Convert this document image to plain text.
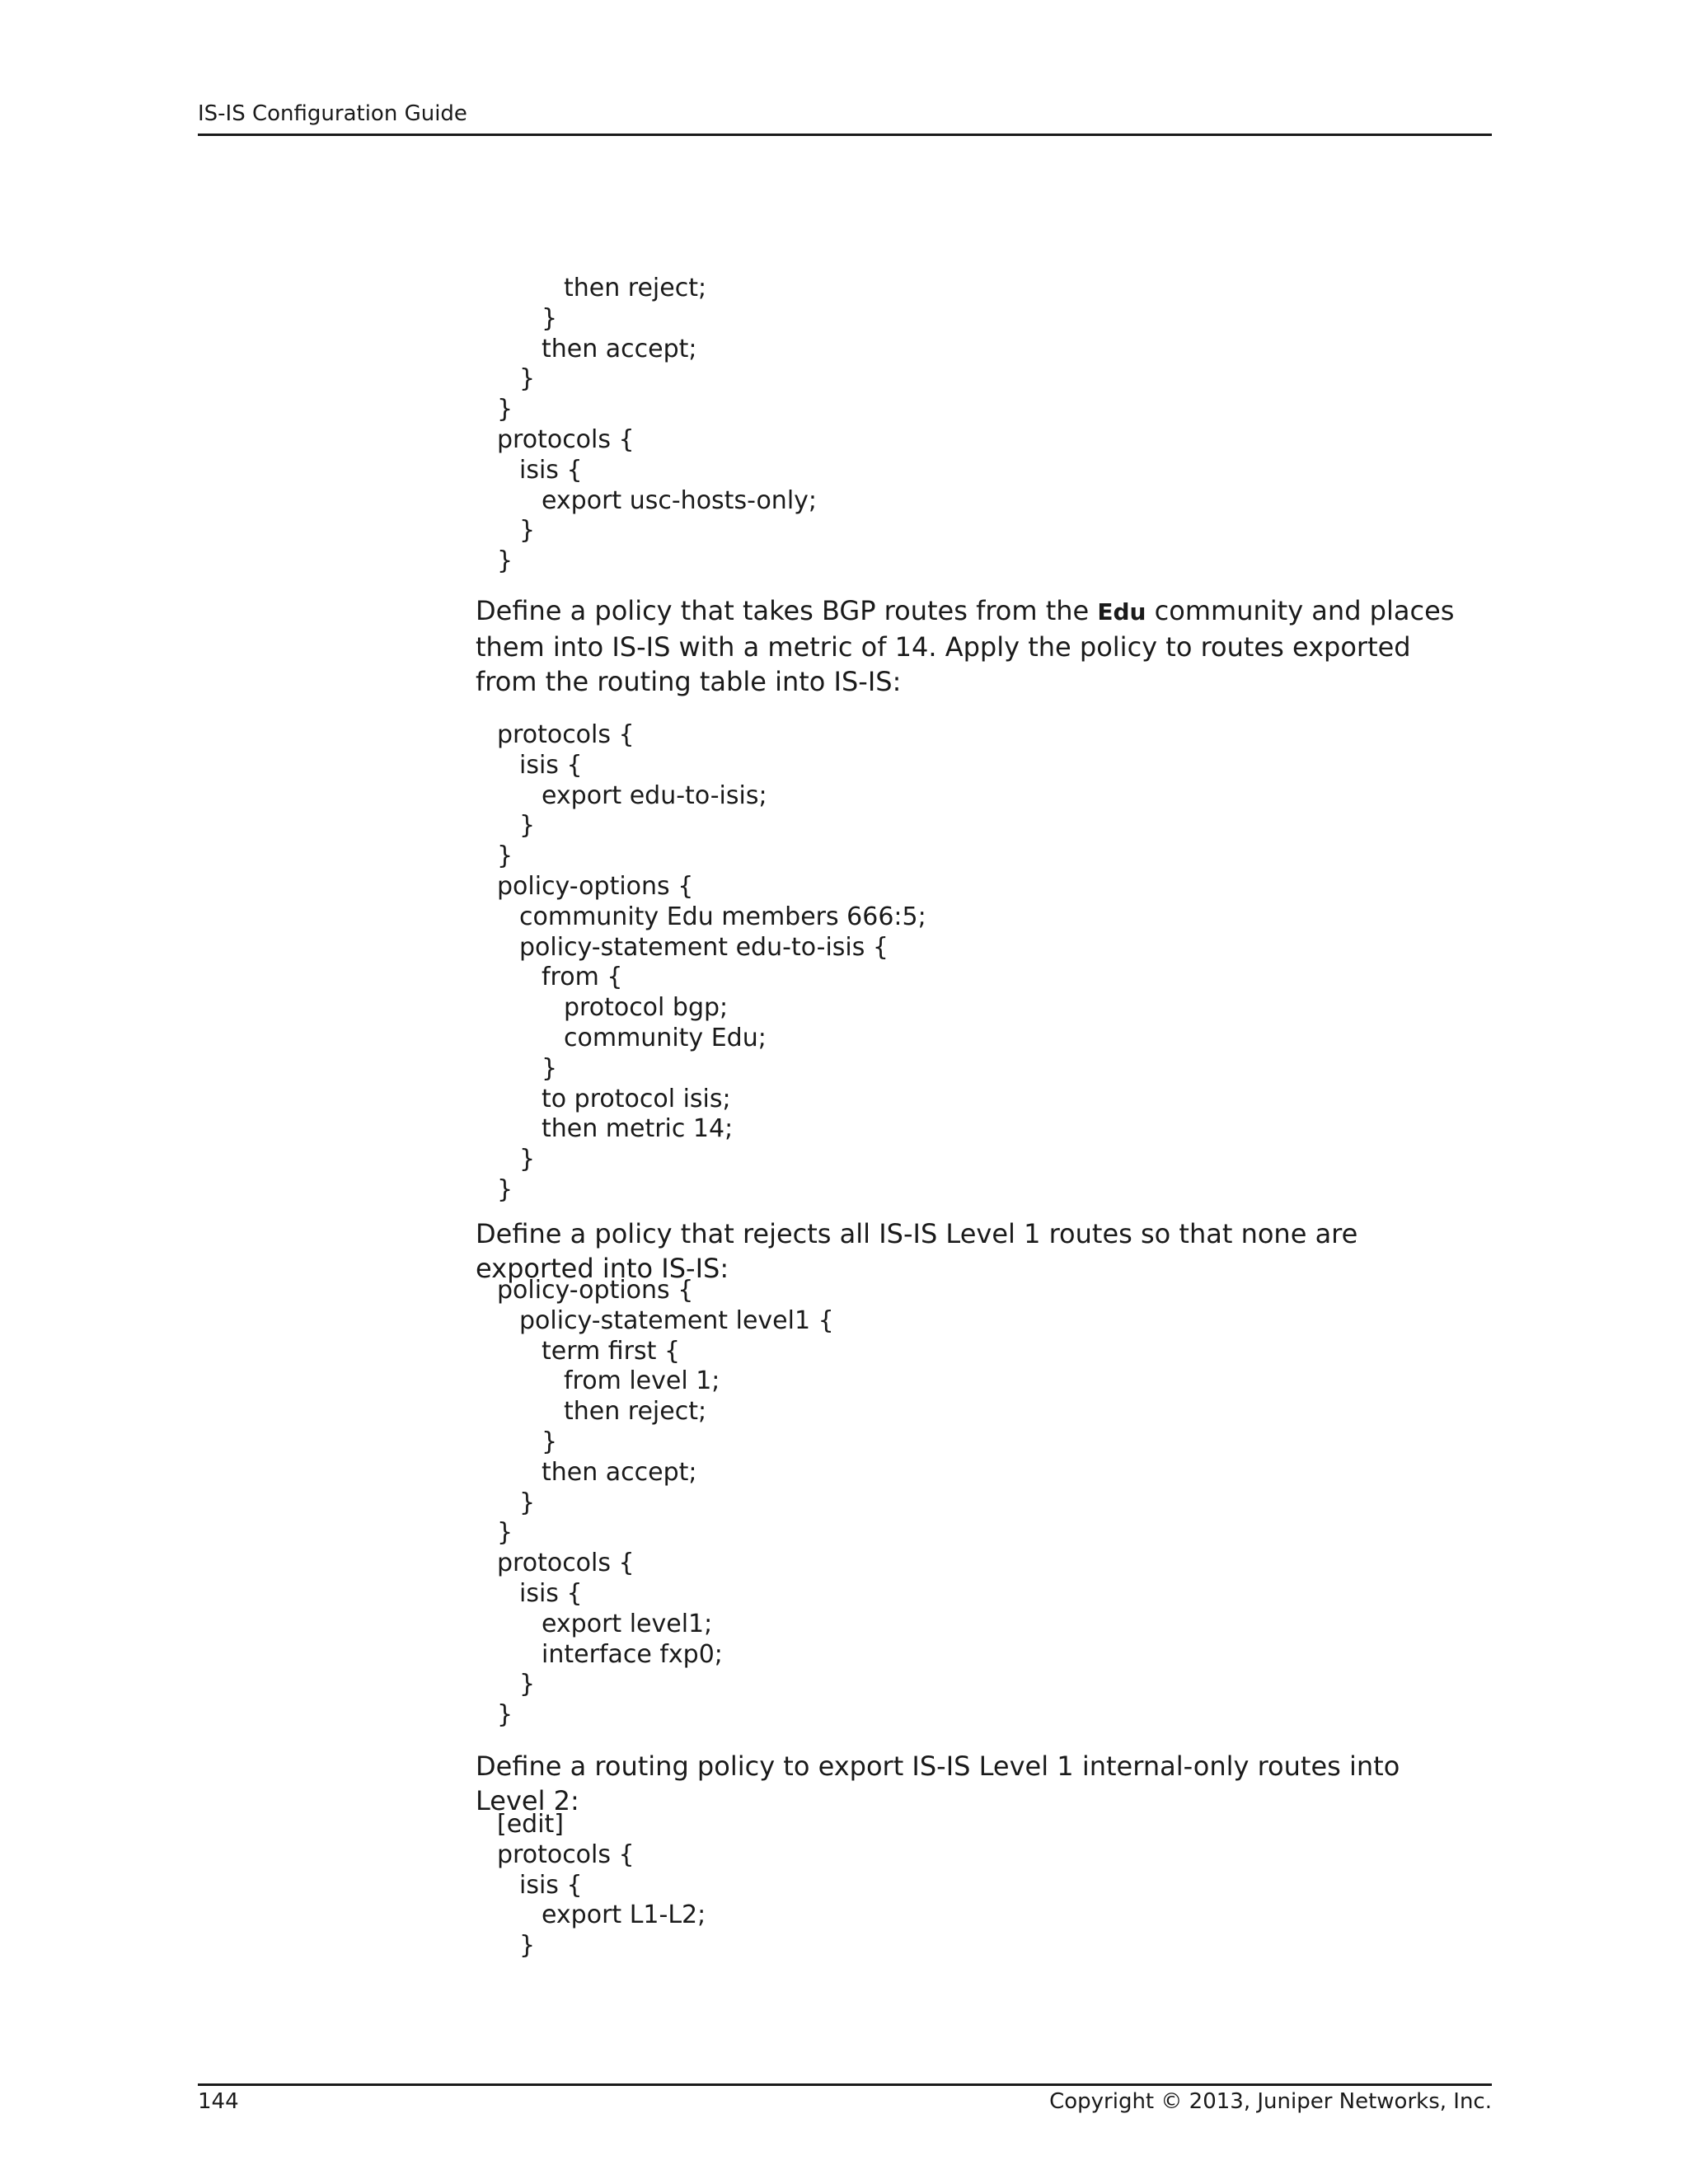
IS-IS Configuration Guide
then reject;
}
then accept;
}
}
protocols {
isis {
export usc-hosts-only;
}
}
Define a policy that takes BGP routes from the Edu community and places them into IS-IS with a metric of 14. Apply the policy to routes exported from the routing table into IS-IS:
protocols {
isis {
export edu-to-isis;
}
}
policy-options {
community Edu members 666:5;
policy-statement edu-to-isis {
from {
protocol bgp;
community Edu;
}
to protocol isis;
then metric 14;
}
}
Define a policy that rejects all IS-IS Level 1 routes so that none are exported into IS-IS:
policy-options {
policy-statement level1 {
term first {
from level 1;
then reject;
}
then accept;
}
}
protocols {
isis {
export level1;
interface fxp0;
}
}
Define a routing policy to export IS-IS Level 1 internal-only routes into Level 2:
[edit]
protocols {
isis {
export L1-L2;
}
144	Copyright © 2013, Juniper Networks, Inc.
